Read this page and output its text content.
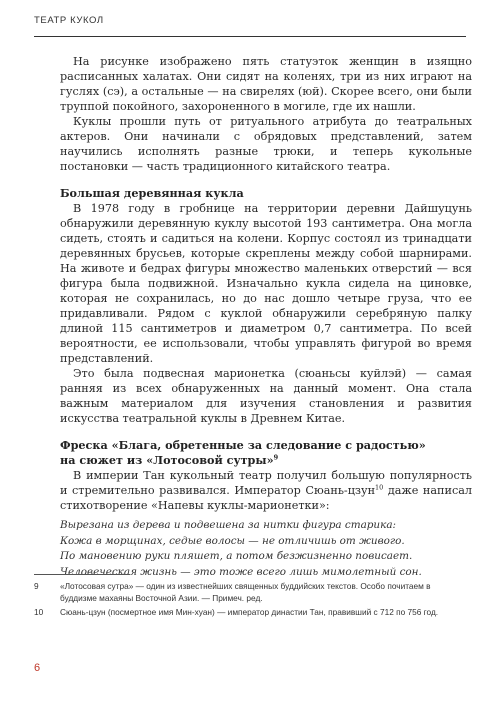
ТЕАТР КУКОЛ

На рисунке изображено пять статуэток женщин в изящно расписанных халатах. Они сидят на коленях, три из них играют на гуслях (сэ), а остальные — на свирелях (юй). Скорее всего, они были труппой покойного, захороненного в могиле, где их нашли.

Куклы прошли путь от ритуального атрибута до театральных актеров. Они начинали с обрядовых представлений, затем научились исполнять разные трюки, и теперь кукольные постановки — часть традиционного китайского театра.

Большая деревянная кукла

В 1978 году в гробнице на территории деревни Дайшуцунь обнаружили деревянную куклу высотой 193 сантиметра. Она могла сидеть, стоять и садиться на колени. Корпус состоял из тринадцати деревянных брусьев, которые скреплены между собой шарнирами. На животе и бедрах фигуры множество маленьких отверстий — вся фигура была подвижной. Изначально кукла сидела на циновке, которая не сохранилась, но до нас дошло четыре груза, что ее придавливали. Рядом с куклой обнаружили серебряную палку длиной 115 сантиметров и диаметром 0,7 сантиметра. По всей вероятности, ее использовали, чтобы управлять фигурой во время представлений.

Это была подвесная марионетка (сюаньсы куйлэй) — самая ранняя из всех обнаруженных на данный момент. Она стала важным материалом для изучения становления и развития искусства театральной куклы в Древнем Китае.

Фреска «Блага, обретенные за следование с радостью»
на сюжет из «Лотосовой сутры»$^9$

В империи Тан кукольный театр получил большую популярность и стремительно развивался. Император Сюань-цзун$^{10}$ даже написал стихотворение «Напевы куклы-марионетки»:

Вырезана из дерева и подвешена за нитки фигура старика:
Кожа в морщинах, седые волосы — не отличишь от живого.
По мановению руки пляшет, а потом безжизненно повисает.
Человеческая жизнь — это тоже всего лишь мимолетный сон.
9	«Лотосовая сутра» — один из известнейших священных буддийских текстов. Особо почитаем в буддизме махаяны Восточной Азии. — Примеч. ред.
10	Сюань-цзун (посмертное имя Мин-хуан) — император династии Тан, правивший с 712 по 756 год.
6
